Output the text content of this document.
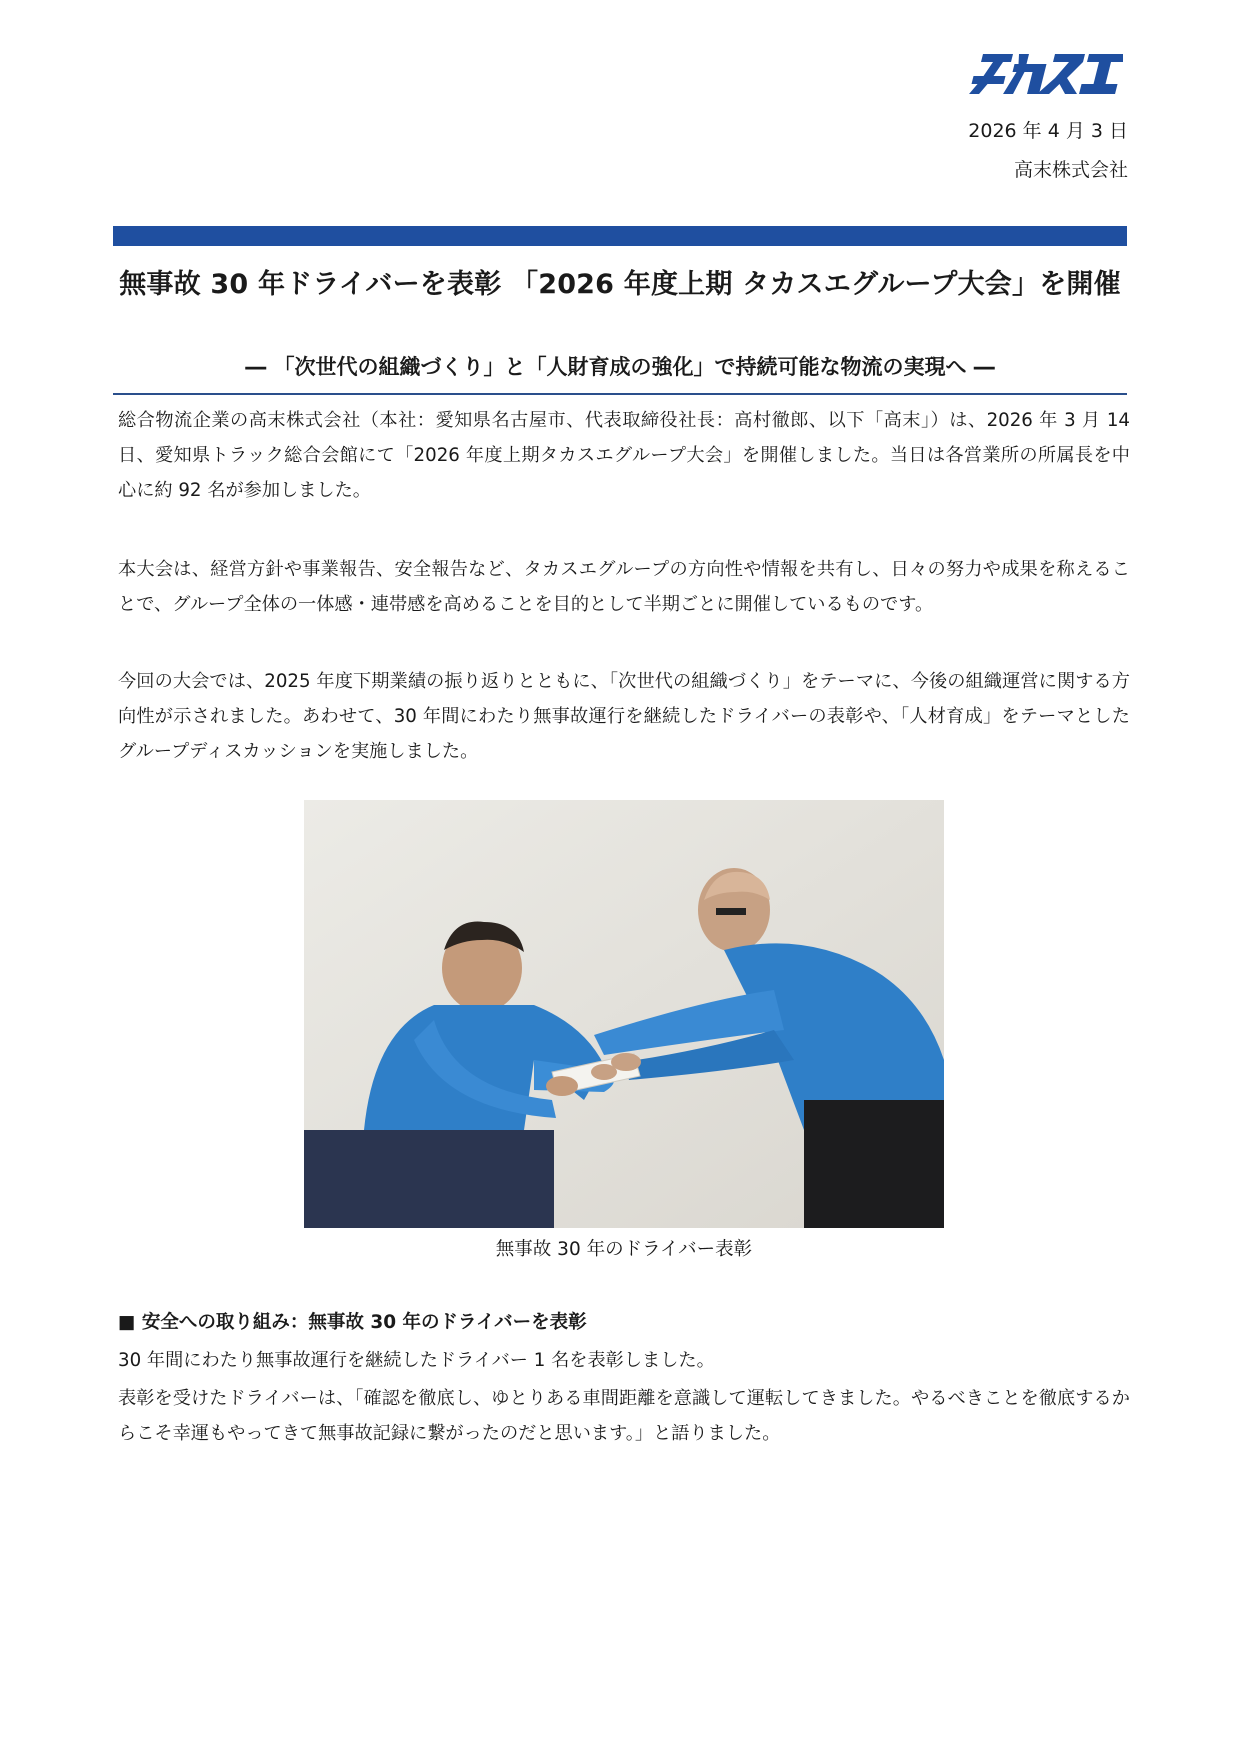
2026 年 4 月 3 日
高末株式会社
無事故 30 年ドライバーを表彰 「2026 年度上期 タカスエグループ大会」を開催
― 「次世代の組織づくり」と「人財育成の強化」で持続可能な物流の実現へ ―

総合物流企業の高末株式会社（本社：愛知県名古屋市、代表取締役社長：高村徹郎、以下「高末」）は、2026 年 3 月 14 日、愛知県トラック総合会館にて「2026 年度上期タカスエグループ大会」を開催しました。当日は各営業所の所属長を中心に約 92 名が参加しました。

本大会は、経営方針や事業報告、安全報告など、タカスエグループの方向性や情報を共有し、日々の努力や成果を称えることで、グループ全体の一体感・連帯感を高めることを目的として半期ごとに開催しているものです。

今回の大会では、2025 年度下期業績の振り返りとともに、「次世代の組織づくり」をテーマに、今後の組織運営に関する方向性が示されました。あわせて、30 年間にわたり無事故運行を継続したドライバーの表彰や、「人材育成」をテーマとしたグループディスカッションを実施しました。

無事故 30 年のドライバー表彰
■ 安全への取り組み：無事故 30 年のドライバーを表彰

30 年間にわたり無事故運行を継続したドライバー 1 名を表彰しました。

表彰を受けたドライバーは、「確認を徹底し、ゆとりある車間距離を意識して運転してきました。やるべきことを徹底するからこそ幸運もやってきて無事故記録に繋がったのだと思います。」と語りました。
